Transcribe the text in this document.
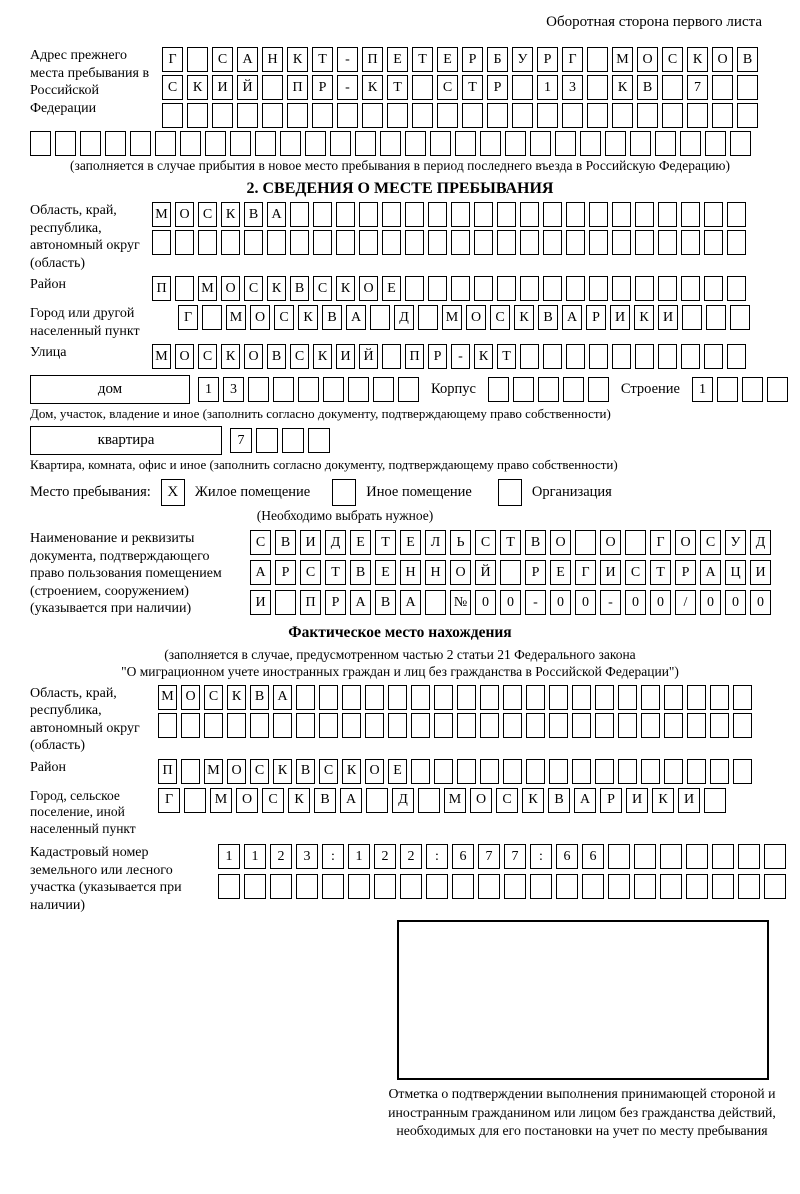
Оборотная сторона первого листа
Адрес прежнего места пребывания в Российской Федерации
Г	С	А	Н	К	Т	-	П	Е	Т	Е	Р	Б	У	Р	Г	М О	С	К	О	В
С	К	И	Й	П	Р	-	К	Т	С	Т	Р	1	3	К	В	7
(заполняется в случае прибытия в новое место пребывания в период последнего въезда в Российскую Федерацию)
2. СВЕДЕНИЯ О МЕСТЕ ПРЕБЫВАНИЯ
Область, край, республика, автономный округ (область)
М О С К В А
Район	П	М О С К В С К О Е
Город или другой населенный пункт
Г	М О	С	К	В	А	Д	М О	С	К	В	А	Р	И	К	И
Улица	М О С К О В С К И Й	П	Р	-	К	Т
дом	1	3	Корпус	Строение	1
Дом, участок, владение и иное (заполнить согласно документу, подтверждающему право собственности)
квартира	7
Квартира, комната, офис и иное (заполнить согласно документу, подтверждающему право собственности)
Место пребывания:	X	Жилое помещение	Иное помещение	Организация
(Необходимо выбрать нужное)
Наименование и реквизиты документа, подтверждающего право пользования помещением (строением, сооружением) (указывается при наличии)
С	В	И	Д	Е	Т	Е	Л	Ь	С	Т	В	О	О	Г	О	С	У	Д
А	Р	С	Т	В	Е	Н	Н	О	Й	Р	Е	Г	И	С	Т	Р	А	Ц	И
И	П	Р	А	В	А	№	0	0	-	0	0	-	0	0	/	0	0	0
Фактическое место нахождения
(заполняется в случае, предусмотренном частью 2 статьи 21 Федерального закона
"О миграционном учете иностранных граждан и лиц без гражданства в Российской Федерации")
Область, край, республика, автономный округ (область)
М О С К В А
Район	П	М О С К В С К О Е
Город, сельское поселение, иной населенный пункт
Г	М	О	С	К	В	А	Д	М	О	С	К	В	А	Р	И	К	И
Кадастровый номер земельного или лесного участка (указывается при наличии)
1	1	2	3	:	1	2	2	:	6	7	7	:	6	6
Отметка о подтверждении выполнения принимающей стороной и иностранным гражданином или лицом без гражданства действий, необходимых для его постановки на учет по месту пребывания
